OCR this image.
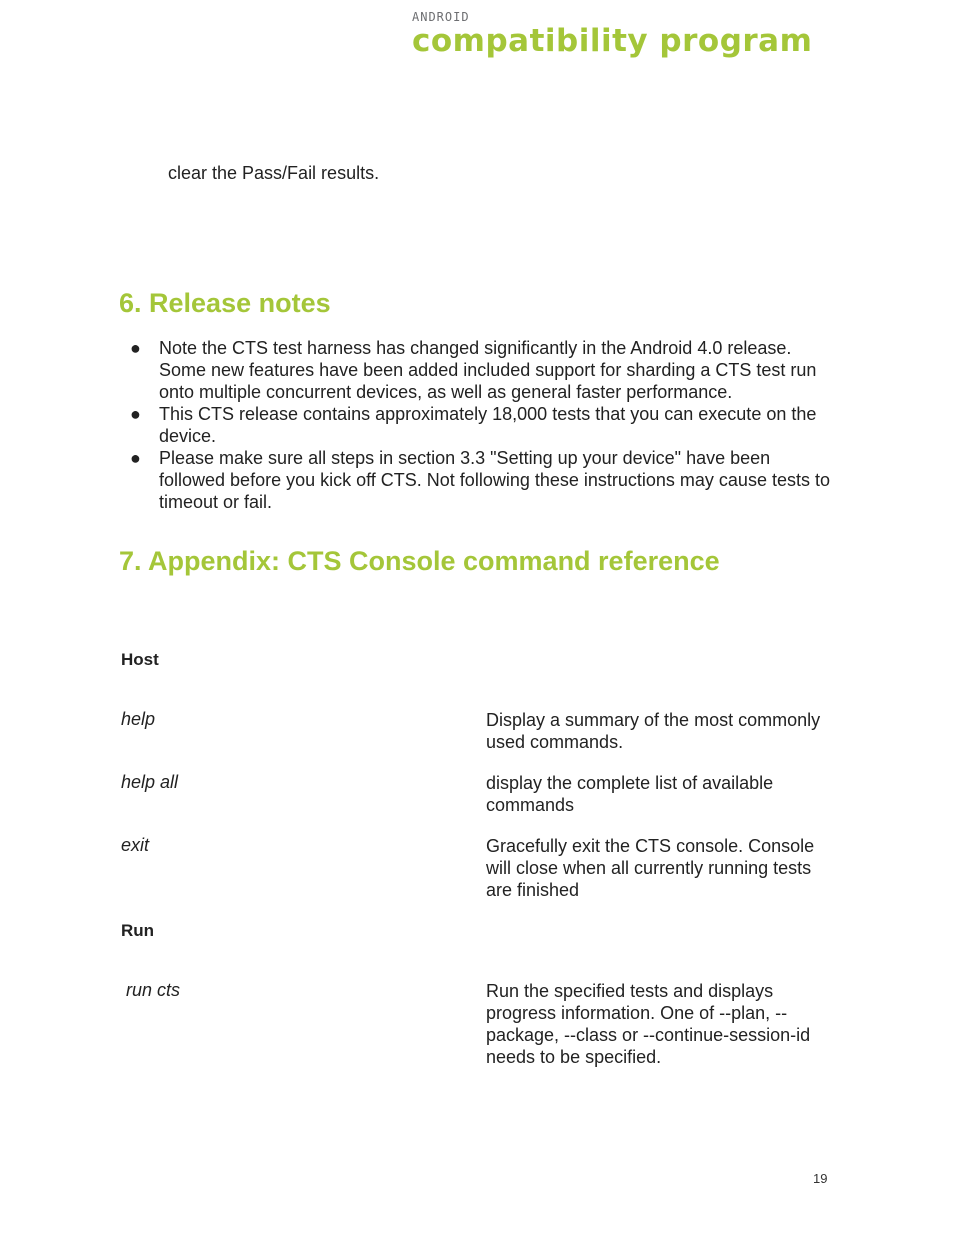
ANDROID
compatibility program
clear the Pass/Fail results.
6. Release notes
● Note the CTS test harness has changed significantly in the Android 4.0 release. Some new features have been added included support for sharding a CTS test run onto multiple concurrent devices, as well as general faster performance.
● This CTS release contains approximately 18,000 tests that you can execute on the device.
● Please make sure all steps in section 3.3 "Setting up your device" have been followed before you kick off CTS. Not following these instructions may cause tests to timeout or fail.
7. Appendix: CTS Console command reference
Host
help	Display a summary of the most commonly used commands.
help all	display the complete list of available commands
exit	Gracefully exit the CTS console. Console will close when all currently running tests are finished
Run
run cts	Run the specified tests and displays progress information. One of --plan, --package, --class or --continue-session-id needs to be specified.
19
